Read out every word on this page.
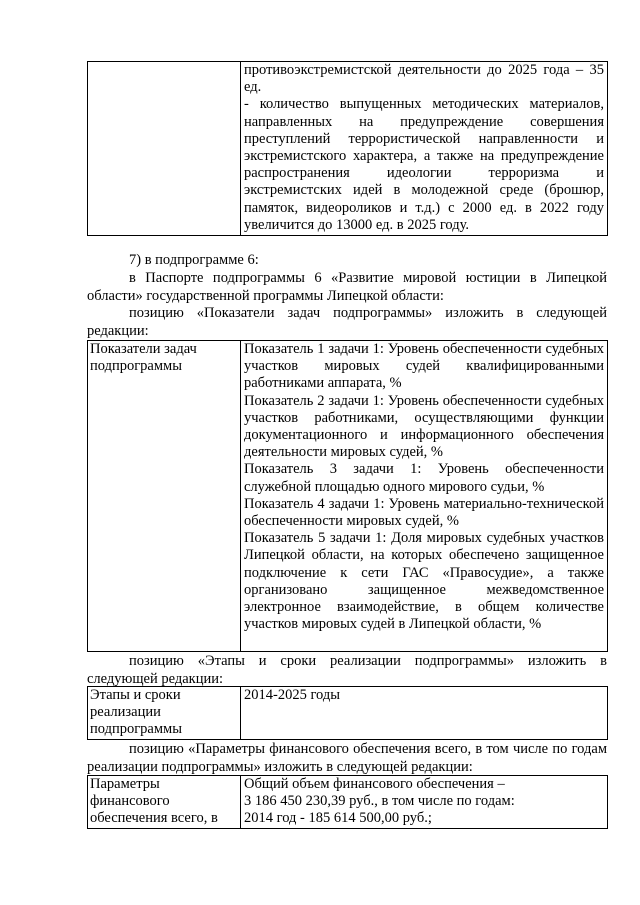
противоэкстремистской деятельности до 2025 года – 35 ед.

- количество выпущенных методических материалов, направленных на предупреждение совершения преступлений террористической направленности и экстремистского характера, а также на предупреждение распространения идеологии терроризма и экстремистских идей в молодежной среде (брошюр, памяток, видеороликов и т.д.) с 2000 ед. в 2022 году увеличится до 13000 ед. в 2025 году.

7) в подпрограмме 6:

в Паспорте подпрограммы 6 «Развитие мировой юстиции в Липецкой области» государственной программы Липецкой области:

позицию «Показатели задач подпрограммы» изложить в следующей редакции:

Показатели задач подпрограммы

Показатель 1 задачи 1: Уровень обеспеченности судебных участков мировых судей квалифицированными работниками аппарата, %

Показатель 2 задачи 1: Уровень обеспеченности судебных участков работниками, осуществляющими функции документационного и информационного обеспечения деятельности мировых судей, %

Показатель 3 задачи 1: Уровень обеспеченности служебной площадью одного мирового судьи, %

Показатель 4 задачи 1: Уровень материально-технической обеспеченности мировых судей, %

Показатель 5 задачи 1: Доля мировых судебных участков Липецкой области, на которых обеспечено защищенное подключение к сети ГАС «Правосудие», а также организовано защищенное межведомственное электронное взаимодействие, в общем количестве участков мировых судей в Липецкой области, %

позицию «Этапы и сроки реализации подпрограммы» изложить в следующей редакции:

Этапы и сроки реализации подпрограммы
2014-2025 годы

позицию «Параметры финансового обеспечения всего, в том числе по годам реализации подпрограммы» изложить в следующей редакции:

Параметры финансового обеспечения всего, в

Общий объем финансового обеспечения –

3 186 450 230,39 руб., в том числе по годам:

2014 год - 185 614 500,00 руб.;
